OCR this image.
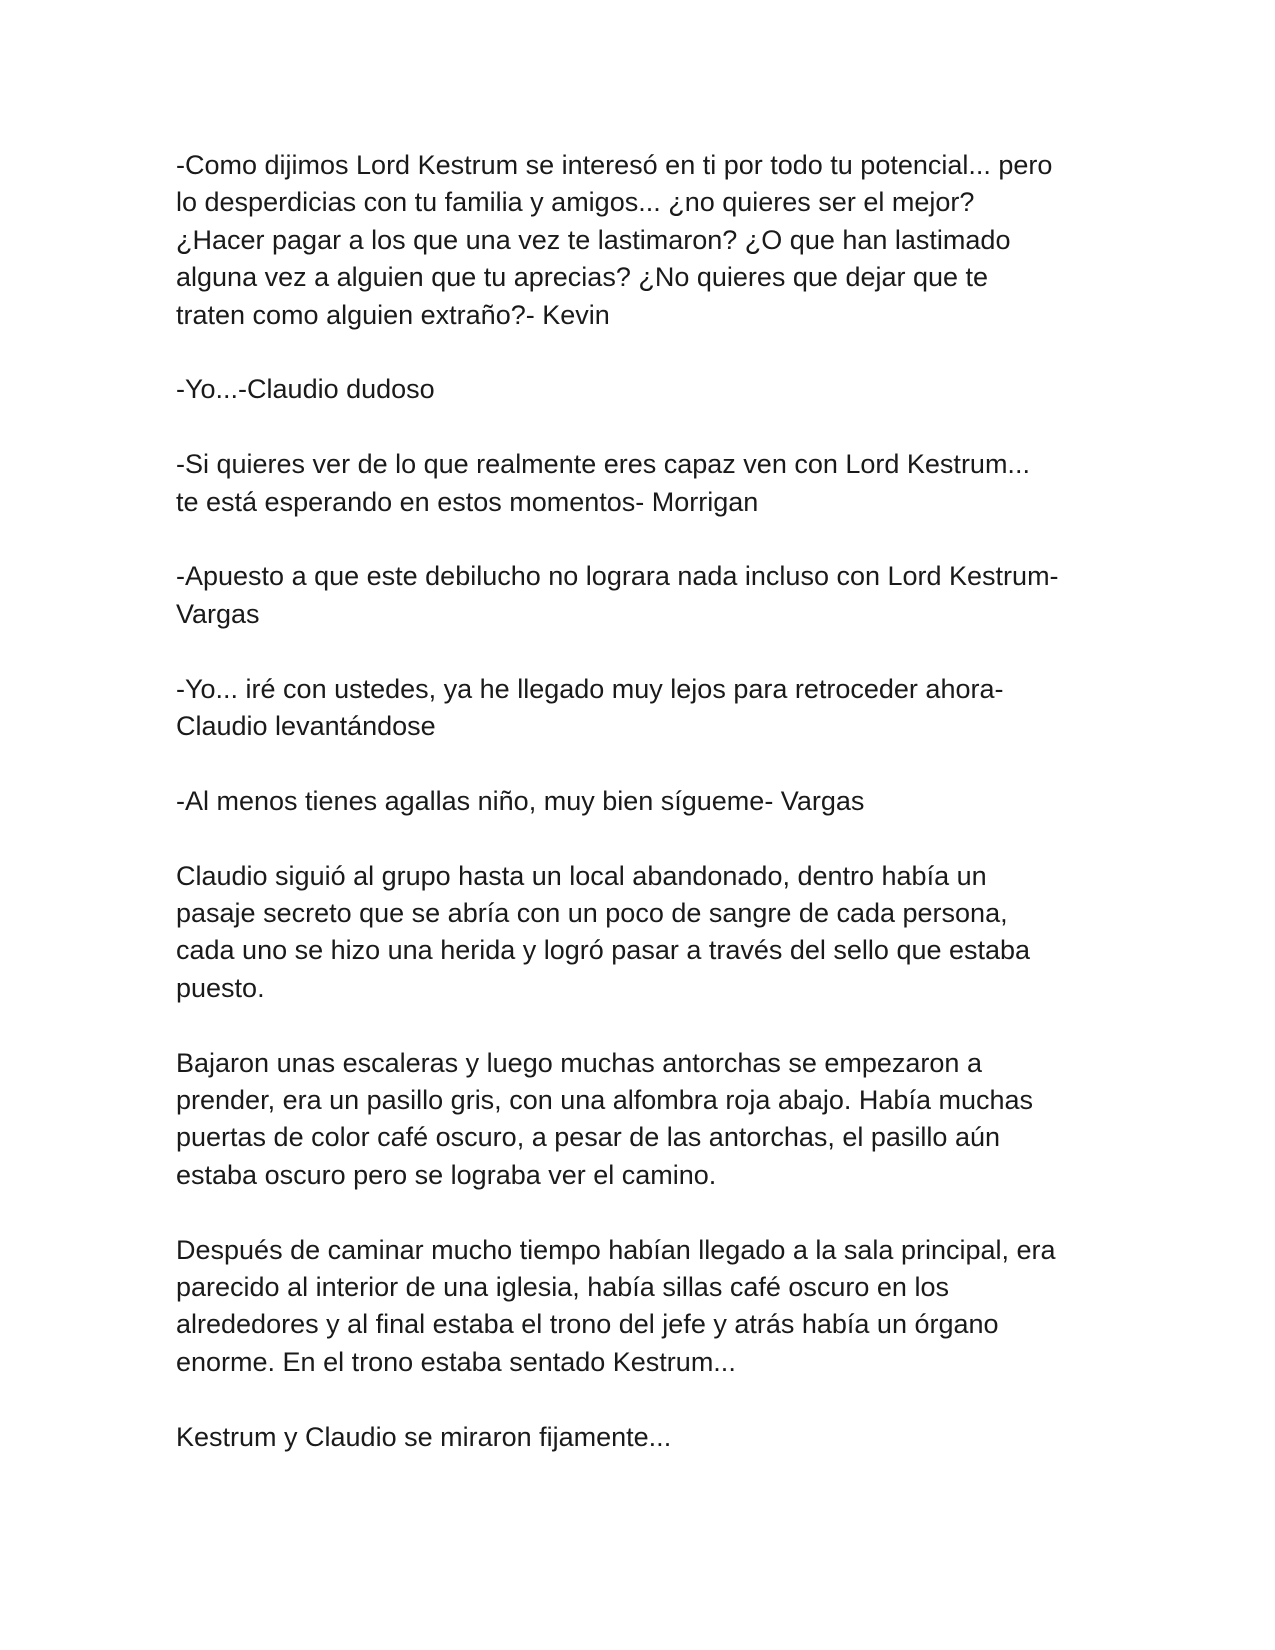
-Como dijimos Lord Kestrum se interesó en ti por todo tu potencial... pero
lo desperdicias con tu familia y amigos... ¿no quieres ser el mejor?
¿Hacer pagar a los que una vez te lastimaron? ¿O que han lastimado
alguna vez a alguien que tu aprecias? ¿No quieres que dejar que te
traten como alguien extraño?- Kevin

-Yo...-Claudio dudoso

-Si quieres ver de lo que realmente eres capaz ven con Lord Kestrum...
te está esperando en estos momentos- Morrigan

-Apuesto a que este debilucho no lograra nada incluso con Lord Kestrum-
Vargas

-Yo... iré con ustedes, ya he llegado muy lejos para retroceder ahora-
Claudio levantándose

-Al menos tienes agallas niño, muy bien sígueme- Vargas

Claudio siguió al grupo hasta un local abandonado, dentro había un
pasaje secreto que se abría con un poco de sangre de cada persona,
cada uno se hizo una herida y logró pasar a través del sello que estaba
puesto.

Bajaron unas escaleras y luego muchas antorchas se empezaron a
prender, era un pasillo gris, con una alfombra roja abajo. Había muchas
puertas de color café oscuro, a pesar de las antorchas, el pasillo aún
estaba oscuro pero se lograba ver el camino.

Después de caminar mucho tiempo habían llegado a la sala principal, era
parecido al interior de una iglesia, había sillas café oscuro en los
alrededores y al final estaba el trono del jefe y atrás había un órgano
enorme. En el trono estaba sentado Kestrum...

Kestrum y Claudio se miraron fijamente...
